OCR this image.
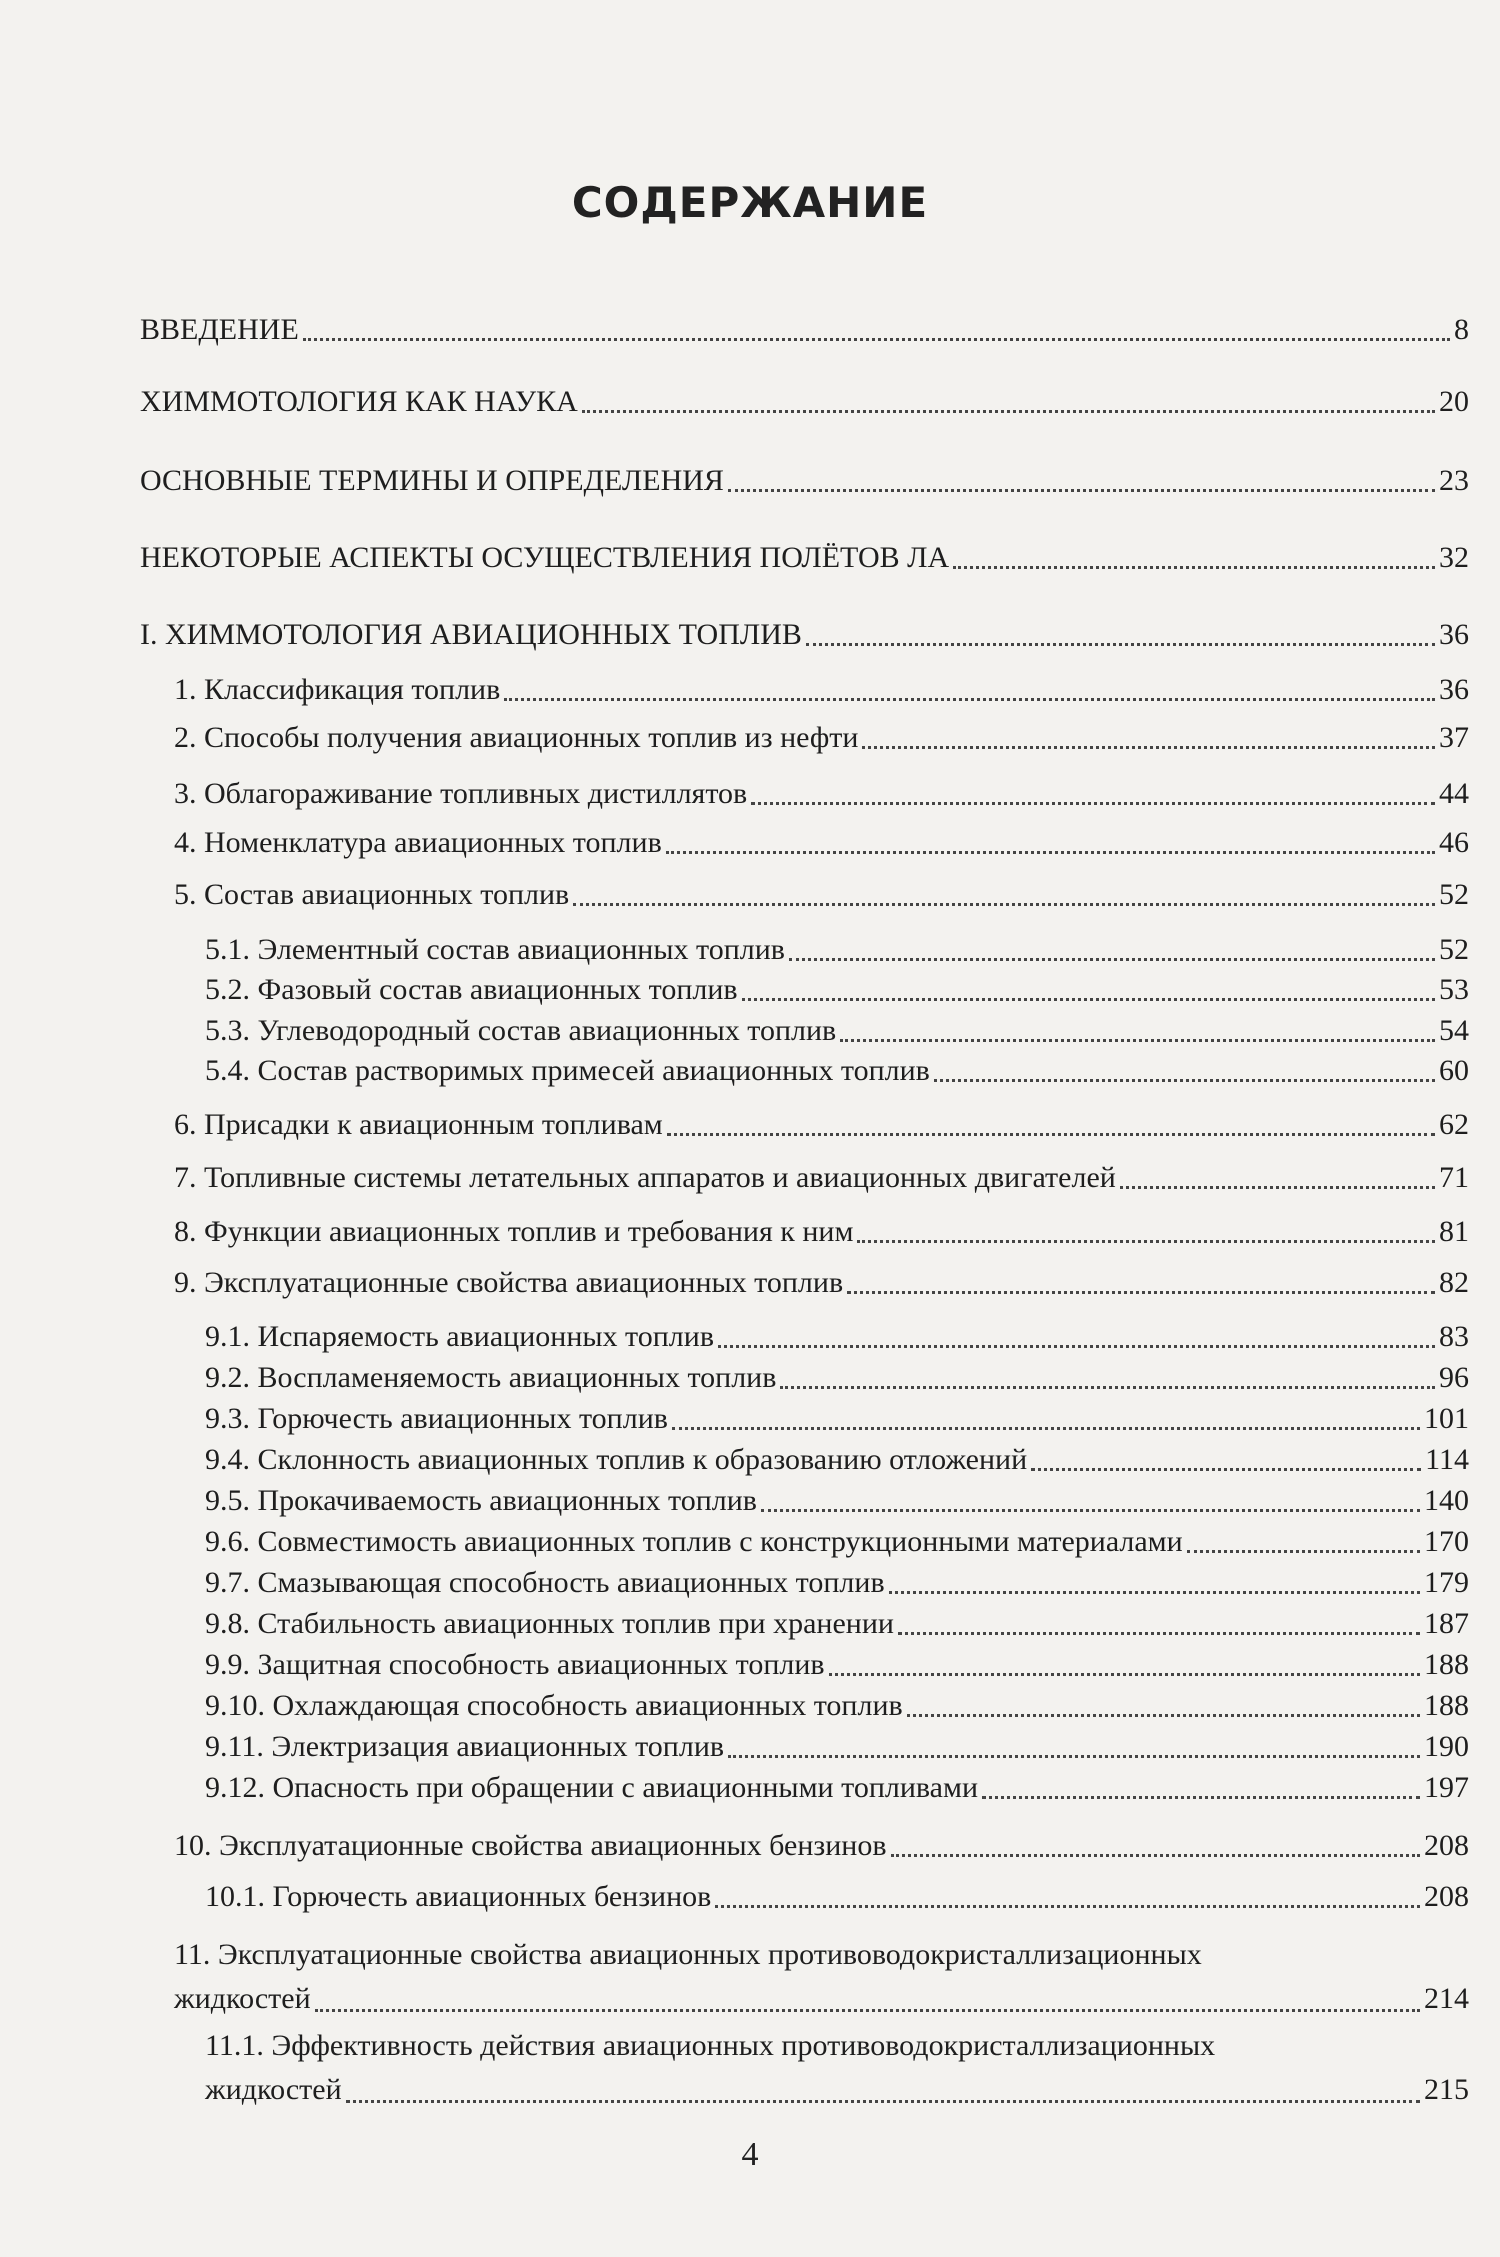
СОДЕРЖАНИЕ
ВВЕДЕНИЕ	8
ХИММОТОЛОГИЯ КАК НАУКА	20
ОСНОВНЫЕ ТЕРМИНЫ И ОПРЕДЕЛЕНИЯ	23
НЕКОТОРЫЕ АСПЕКТЫ ОСУЩЕСТВЛЕНИЯ ПОЛЁТОВ ЛА	32
I. ХИММОТОЛОГИЯ АВИАЦИОННЫХ ТОПЛИВ	36
1. Классификация топлив	36
2. Способы получения авиационных топлив из нефти	37
3. Облагораживание топливных дистиллятов	44
4. Номенклатура авиационных топлив	46
5. Состав авиационных топлив	52
5.1. Элементный состав авиационных топлив	52
5.2. Фазовый состав авиационных топлив	53
5.3. Углеводородный состав авиационных топлив	54
5.4. Состав растворимых примесей авиационных топлив	60
6. Присадки к авиационным топливам	62
7. Топливные системы летательных аппаратов и авиационных двигателей	71
8. Функции авиационных топлив и требования к ним	81
9. Эксплуатационные свойства авиационных топлив	82
9.1. Испаряемость авиационных топлив	83
9.2. Воспламеняемость авиационных топлив	96
9.3. Горючесть авиационных топлив	101
9.4. Склонность авиационных топлив к образованию отложений	114
9.5. Прокачиваемость авиационных топлив	140
9.6. Совместимость авиационных топлив с конструкционными материалами	170
9.7. Смазывающая способность авиационных топлив	179
9.8. Стабильность авиационных топлив при хранении	187
9.9. Защитная способность авиационных топлив	188
9.10. Охлаждающая способность авиационных топлив	188
9.11. Электризация авиационных топлив	190
9.12. Опасность при обращении с авиационными топливами	197
10. Эксплуатационные свойства авиационных бензинов	208
10.1. Горючесть авиационных бензинов	208
11. Эксплуатационные свойства авиационных противоводокристаллизационных
жидкостей	214
11.1. Эффективность действия авиационных противоводокристаллизационных
жидкостей	215
4
